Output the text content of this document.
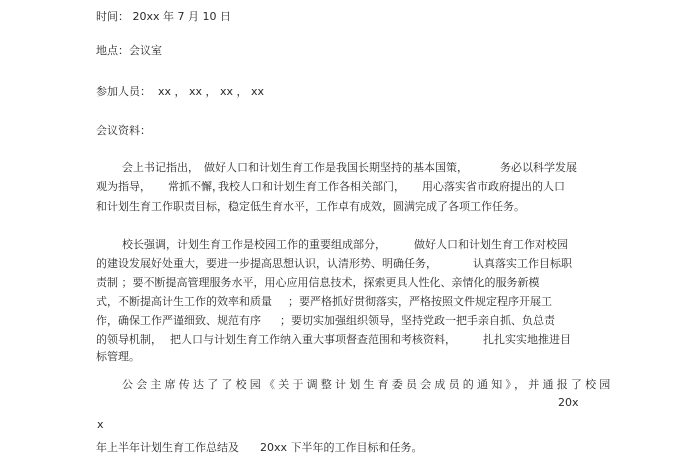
时间： 20xx 年 7 月 10 日
地点：会议室
参加人员：  xx ， xx ， xx ， xx
会议资料：
会上书记指出， 做好人口和计划生育工作是我国长期坚持的基本国策，	务必以科学发展
观为指导， 常抓不懈，
我校人口和计划生育工作各相关部门， 用心落实省市政府提出的人口
和计划生育工作职责目标，稳定低生育水平，工作卓有成效，圆满完成了各项工作任务。
校长强调， 计划生育工作是校园工作的重要组成部分，	做好人口和计划生育工作对校园
的建设发展好处重大，要进一步提高思想认识，认清形势、明确任务，	认真落实工作目标职
责制 ；要不断提高管理服务水平，用心应用信息技术，探索更具人性化、亲情化的服务新模
式，不断提高计生工作的效率和质量 ；要严格抓好贯彻落实，严格按照文件规定程序开展工
作，确保工作严谨细致、规范有序 ；要切实加强组织领导，坚持党政一把手亲自抓、负总责
的领导机制， 把人口与计划生育工作纳入重大事项督查范围和考核资料， 扎扎实实地推进目
标管理。
公会主席传达了了校园《关于调整计划生育委员会成员的通知》，并通报了校园
20x
x
年上半年计划生育工作总结及 20xx 下半年的工作目标和任务。
